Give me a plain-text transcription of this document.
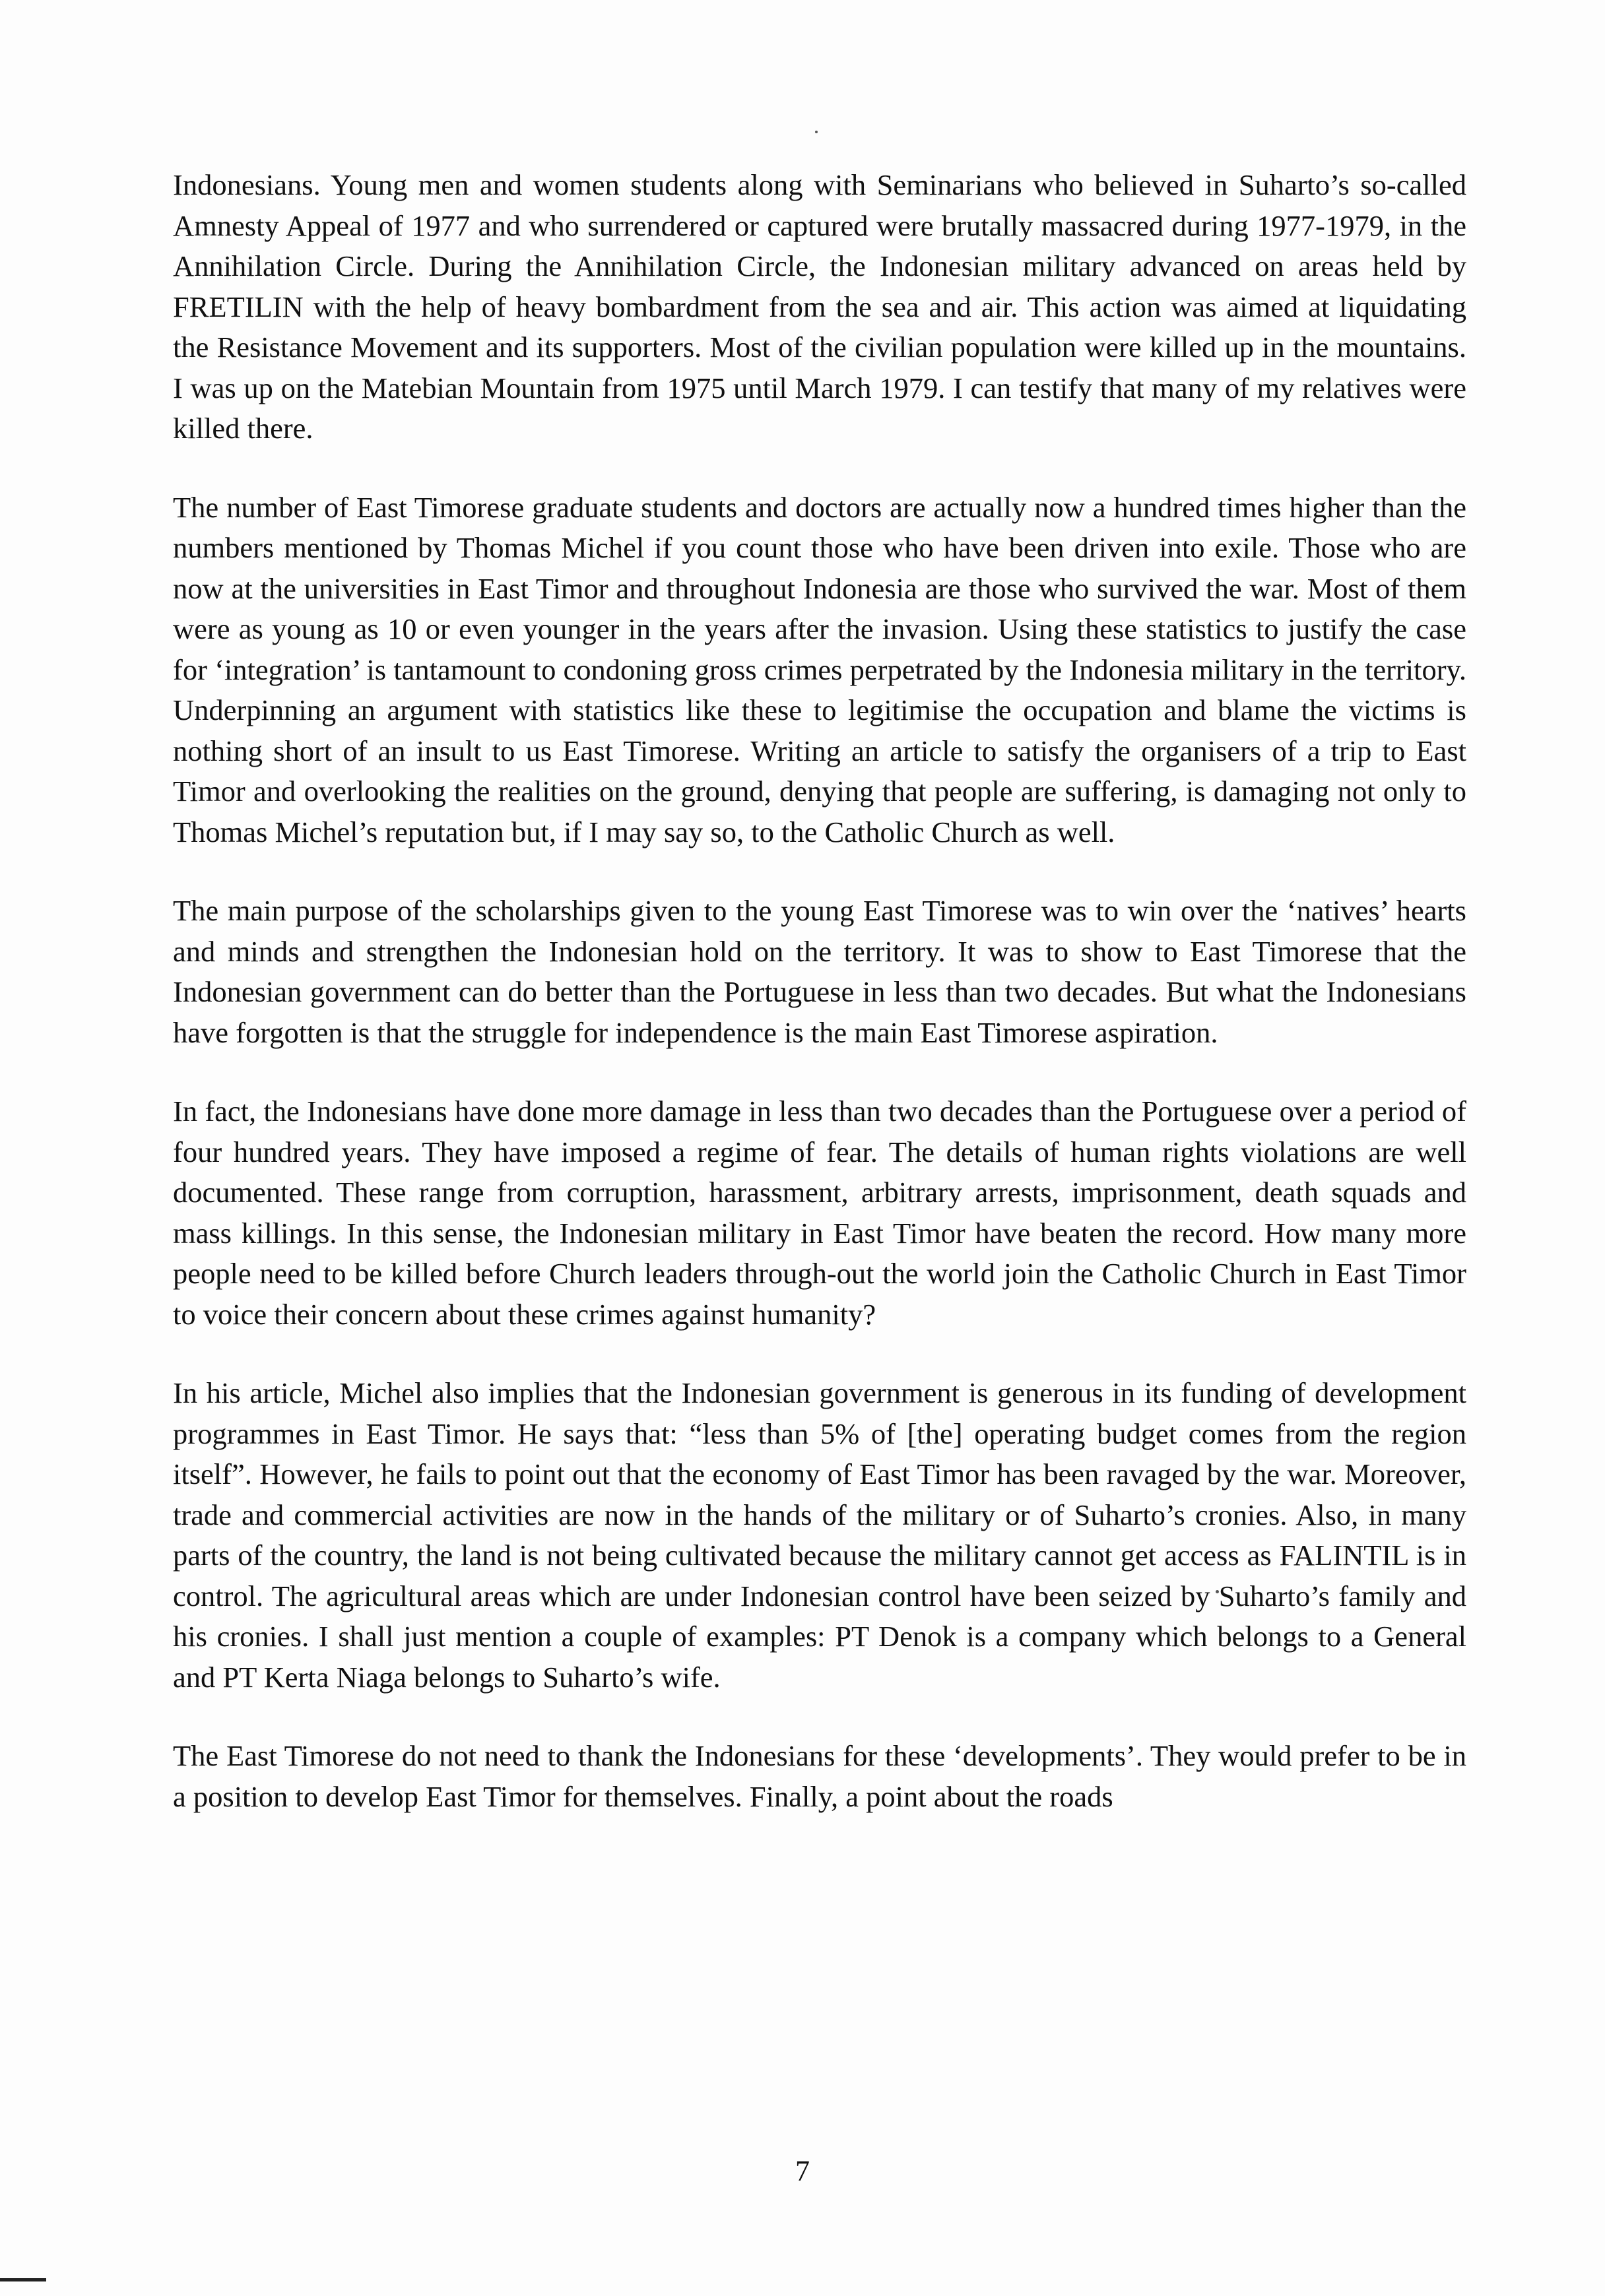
Indonesians. Young men and women students along with Seminarians who believed in Suharto’s so-called Amnesty Appeal of 1977 and who surrendered or captured were brutally massacred during 1977-1979, in the Annihilation Circle. During the Annihilation Circle, the Indonesian military advanced on areas held by FRETILIN with the help of heavy bombardment from the sea and air. This action was aimed at liquidating the Resistance Movement and its supporters. Most of the civilian population were killed up in the mountains. I was up on the Matebian Mountain from 1975 until March 1979. I can testify that many of my relatives were killed there.

The number of East Timorese graduate students and doctors are actually now a hundred times higher than the numbers mentioned by Thomas Michel if you count those who have been driven into exile. Those who are now at the universities in East Timor and throughout Indonesia are those who survived the war. Most of them were as young as 10 or even younger in the years after the invasion. Using these statistics to justify the case for ‘integration’ is tantamount to condoning gross crimes perpetrated by the Indonesia military in the territory. Underpinning an argument with statistics like these to legitimise the occupation and blame the victims is nothing short of an insult to us East Timorese. Writing an article to satisfy the organisers of a trip to East Timor and overlooking the realities on the ground, denying that people are suffering, is damaging not only to Thomas Michel’s reputation but, if I may say so, to the Catholic Church as well.

The main purpose of the scholarships given to the young East Timorese was to win over the ‘natives’ hearts and minds and strengthen the Indonesian hold on the territory. It was to show to East Timorese that the Indonesian government can do better than the Portuguese in less than two decades. But what the Indonesians have forgotten is that the struggle for independence is the main East Timorese aspiration.

In fact, the Indonesians have done more damage in less than two decades than the Portuguese over a period of four hundred years. They have imposed a regime of fear. The details of human rights violations are well documented. These range from corruption, harassment, arbitrary arrests, imprisonment, death squads and mass killings. In this sense, the Indonesian military in East Timor have beaten the record. How many more people need to be killed before Church leaders through-out the world join the Catholic Church in East Timor to voice their concern about these crimes against humanity?

In his article, Michel also implies that the Indonesian government is generous in its funding of development programmes in East Timor. He says that: “less than 5% of [the] operating budget comes from the region itself”. However, he fails to point out that the economy of East Timor has been ravaged by the war. Moreover, trade and commercial activities are now in the hands of the military or of Suharto’s cronies. Also, in many parts of the country, the land is not being cultivated because the military cannot get access as FALINTIL is in control. The agricultural areas which are under Indonesian control have been seized by Suharto’s family and his cronies. I shall just mention a couple of examples: PT Denok is a company which belongs to a General and PT Kerta Niaga belongs to Suharto’s wife.

The East Timorese do not need to thank the Indonesians for these ‘developments’. They would prefer to be in a position to develop East Timor for themselves. Finally, a point about the roads

7
